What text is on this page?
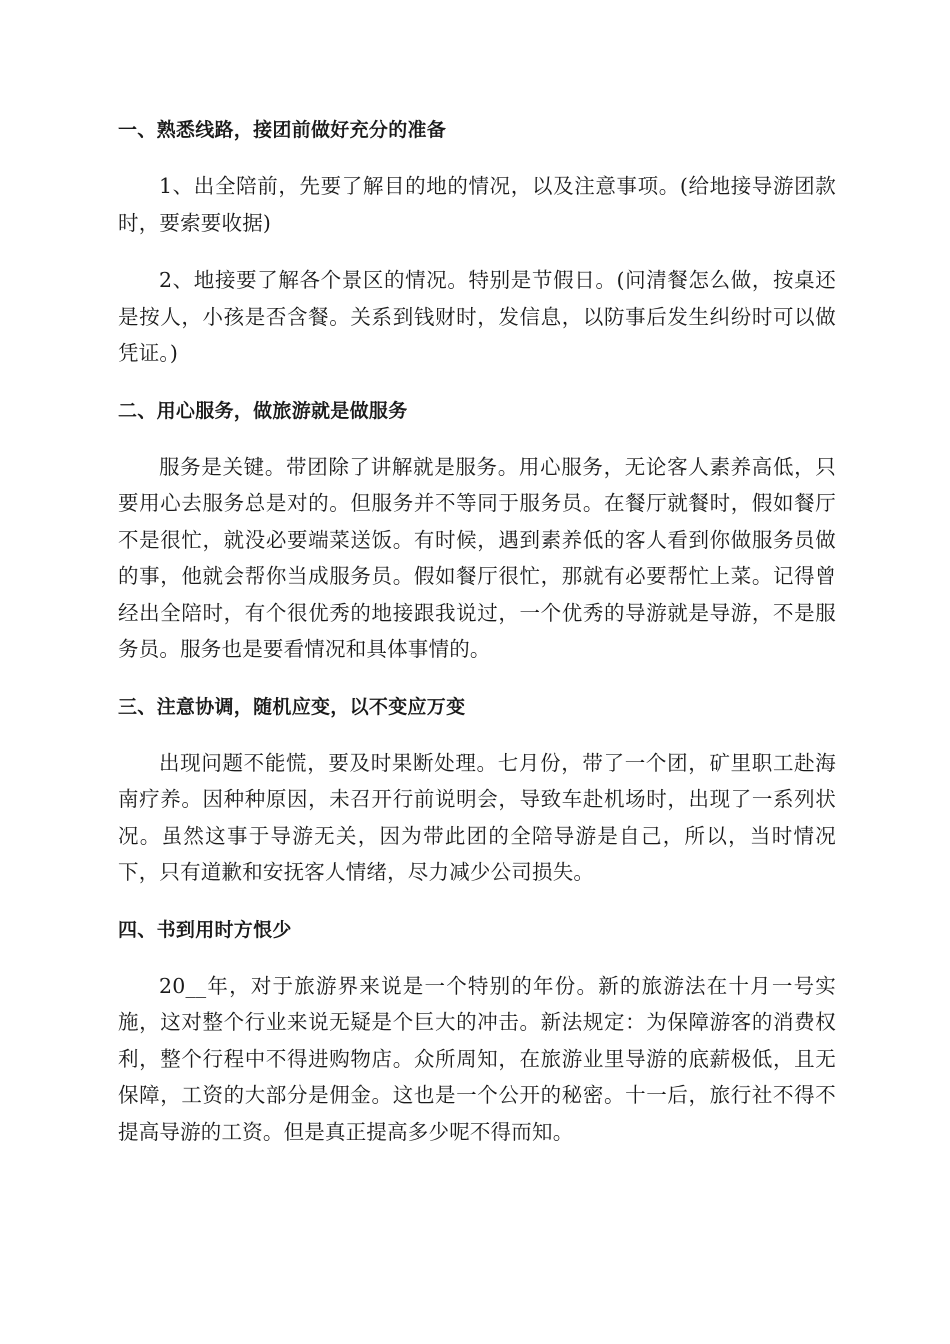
一、熟悉线路，接团前做好充分的准备

1、出全陪前，先要了解目的地的情况，以及注意事项。(给地接导游团款时，要索要收据)

2、地接要了解各个景区的情况。特别是节假日。(问清餐怎么做，按桌还是按人，小孩是否含餐。关系到钱财时，发信息，以防事后发生纠纷时可以做凭证。)

二、用心服务，做旅游就是做服务

服务是关键。带团除了讲解就是服务。用心服务，无论客人素养高低，只要用心去服务总是对的。但服务并不等同于服务员。在餐厅就餐时，假如餐厅不是很忙，就没必要端菜送饭。有时候，遇到素养低的客人看到你做服务员做的事，他就会帮你当成服务员。假如餐厅很忙，那就有必要帮忙上菜。记得曾经出全陪时，有个很优秀的地接跟我说过，一个优秀的导游就是导游，不是服务员。服务也是要看情况和具体事情的。

三、注意协调，随机应变，以不变应万变

出现问题不能慌，要及时果断处理。七月份，带了一个团，矿里职工赴海南疗养。因种种原因，未召开行前说明会，导致车赴机场时，出现了一系列状况。虽然这事于导游无关，因为带此团的全陪导游是自己，所以，当时情况下，只有道歉和安抚客人情绪，尽力减少公司损失。

四、书到用时方恨少

20__年，对于旅游界来说是一个特别的年份。新的旅游法在十月一号实施，这对整个行业来说无疑是个巨大的冲击。新法规定：为保障游客的消费权利，整个行程中不得进购物店。众所周知，在旅游业里导游的底薪极低，且无保障，工资的大部分是佣金。这也是一个公开的秘密。十一后，旅行社不得不提高导游的工资。但是真正提高多少呢不得而知。
